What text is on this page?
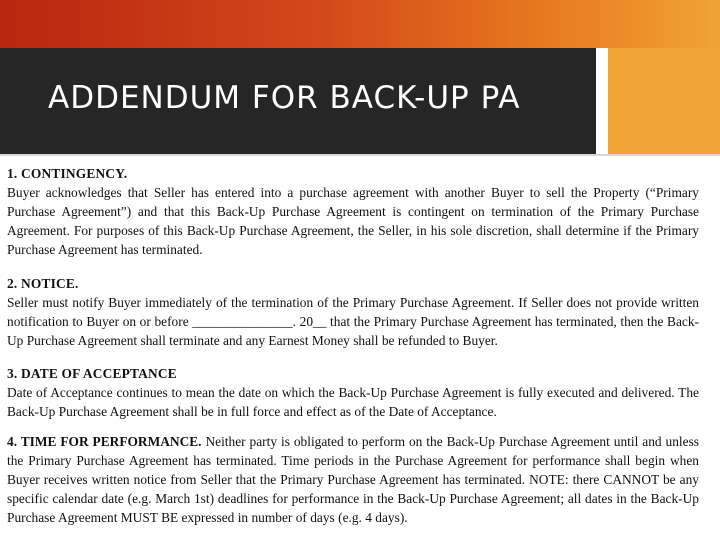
ADDENDUM FOR BACK-UP PA
1. CONTINGENCY.
Buyer acknowledges that Seller has entered into a purchase agreement with another Buyer to sell the Property (“Primary Purchase Agreement”) and that this Back-Up Purchase Agreement is contingent on termination of the Primary Purchase Agreement. For purposes of this Back-Up Purchase Agreement, the Seller, in his sole discretion, shall determine if the Primary Purchase Agreement has terminated.
2. NOTICE.
Seller must notify Buyer immediately of the termination of the Primary Purchase Agreement. If Seller does not provide written notification to Buyer on or before _______________. 20__ that the Primary Purchase Agreement has terminated, then the Back-Up Purchase Agreement shall terminate and any Earnest Money shall be refunded to Buyer.
3. DATE OF ACCEPTANCE
Date of Acceptance continues to mean the date on which the Back-Up Purchase Agreement is fully executed and delivered. The Back-Up Purchase Agreement shall be in full force and effect as of the Date of Acceptance.
4. TIME FOR PERFORMANCE. Neither party is obligated to perform on the Back-Up Purchase Agreement until and unless the Primary Purchase Agreement has terminated. Time periods in the Purchase Agreement for performance shall begin when Buyer receives written notice from Seller that the Primary Purchase Agreement has terminated. NOTE: there CANNOT be any specific calendar date (e.g. March 1st) deadlines for performance in the Back-Up Purchase Agreement; all dates in the Back-Up Purchase Agreement MUST BE expressed in number of days (e.g. 4 days).
